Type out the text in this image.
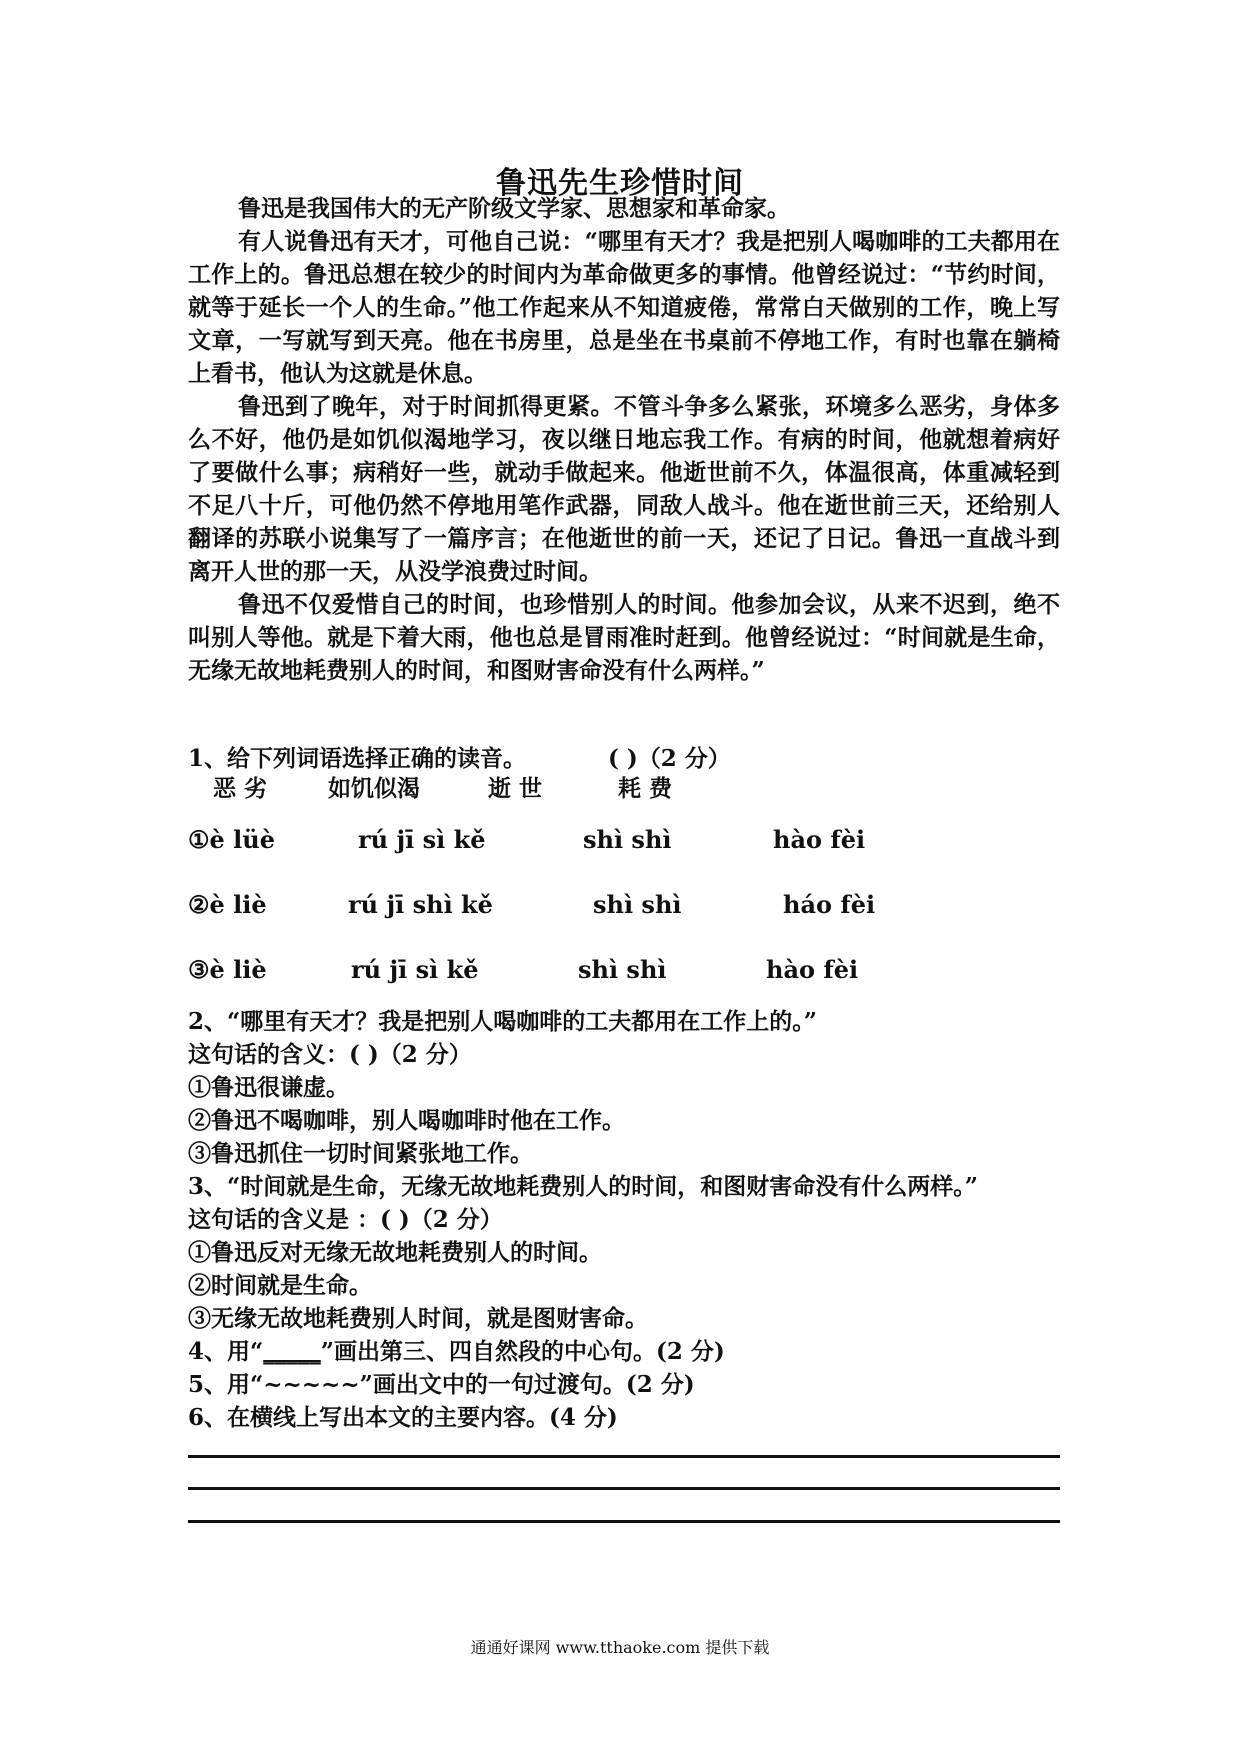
鲁迅先生珍惜时间

鲁迅是我国伟大的无产阶级文学家、思想家和革命家。

有人说鲁迅有天才，可他自己说：“哪里有天才？我是把别人喝咖啡的工夫都用在工作上的。鲁迅总想在较少的时间内为革命做更多的事情。他曾经说过：“节约时间，就等于延长一个人的生命。”他工作起来从不知道疲倦，常常白天做别的工作，晚上写文章，一写就写到天亮。他在书房里，总是坐在书桌前不停地工作，有时也靠在躺椅上看书，他认为这就是休息。

鲁迅到了晚年，对于时间抓得更紧。不管斗争多么紧张，环境多么恶劣，身体多么不好，他仍是如饥似渴地学习，夜以继日地忘我工作。有病的时间，他就想着病好了要做什么事；病稍好一些，就动手做起来。他逝世前不久，体温很高，体重减轻到不足八十斤，可他仍然不停地用笔作武器，同敌人战斗。他在逝世前三天，还给别人翻译的苏联小说集写了一篇序言；在他逝世的前一天，还记了日记。鲁迅一直战斗到离开人世的那一天，从没学浪费过时间。

鲁迅不仅爱惜自己的时间，也珍惜别人的时间。他参加会议，从来不迟到，绝不叫别人等他。就是下着大雨，他也总是冒雨准时赶到。他曾经说过：“时间就是生命，无缘无故地耗费别人的时间，和图财害命没有什么两样。”

1、给下列词语选择正确的读音。	( )（2 分）
恶 劣	如饥似渴	逝 世	耗 费
①è lüè	rú jī sì kě	shì shì	hào fèi
②è liè	rú jī shì kě	shì shì	háo fèi
③è liè	rú jī sì kě	shì shì	hào fèi
2、“哪里有天才？我是把别人喝咖啡的工夫都用在工作上的。”
这句话的含义：( )（2 分）
①鲁迅很谦虚。
②鲁迅不喝咖啡，别人喝咖啡时他在工作。
③鲁迅抓住一切时间紧张地工作。
3、“时间就是生命，无缘无故地耗费别人的时间，和图财害命没有什么两样。”
这句话的含义是 ：( )（2 分）
①鲁迅反对无缘无故地耗费别人的时间。
②时间就是生命。
③无缘无故地耗费别人时间，就是图财害命。
4、用“_____”画出第三、四自然段的中心句。(2 分)
5、用“~~~~~”画出文中的一句过渡句。(2 分)
6、在横线上写出本文的主要内容。(4 分)
通通好课网 www.tthaoke.com 提供下载
